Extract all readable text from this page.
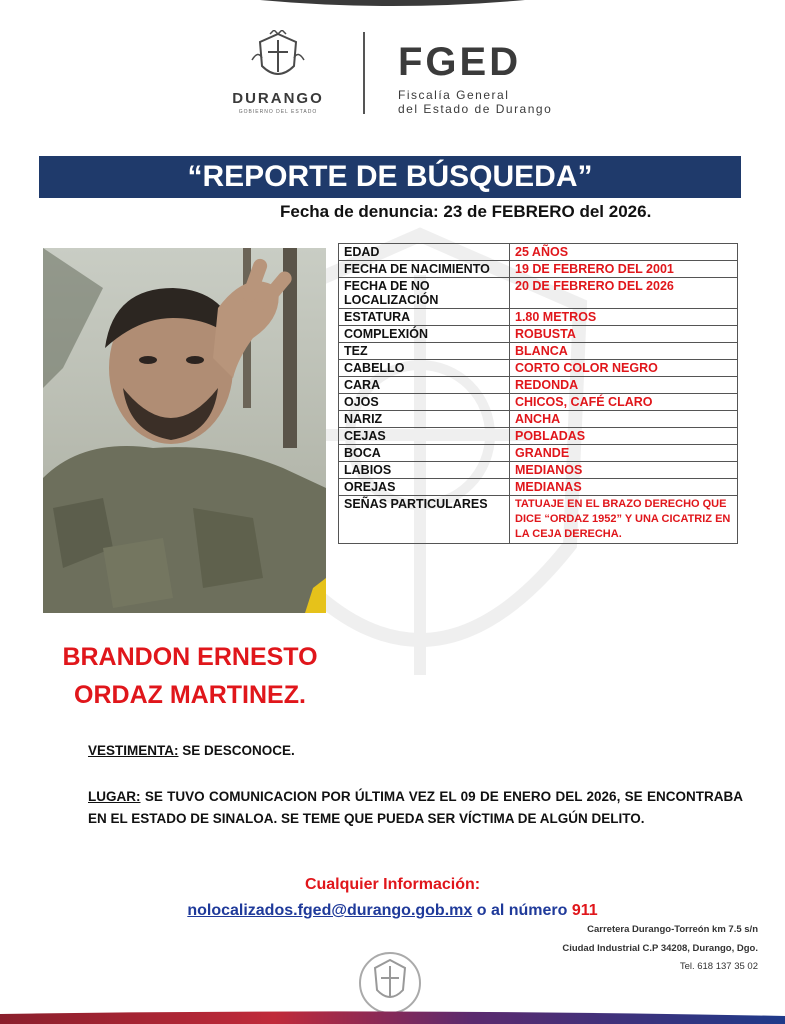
DURANGO
GOBIERNO DEL ESTADO
FGED
Fiscalía General
del Estado de Durango
“REPORTE DE BÚSQUEDA”
Fecha de denuncia: 23 de FEBRERO del 2026.
EDAD	25 AÑOS
FECHA DE NACIMIENTO	19 DE FEBRERO DEL 2001
FECHA DE NO LOCALIZACIÓN	20 DE FEBRERO DEL 2026
ESTATURA	1.80 METROS
COMPLEXIÓN	ROBUSTA
TEZ	BLANCA
CABELLO	CORTO COLOR NEGRO
CARA	REDONDA
OJOS	CHICOS, CAFÉ CLARO
NARIZ	ANCHA
CEJAS	POBLADAS
BOCA	GRANDE
LABIOS	MEDIANOS
OREJAS	MEDIANAS
SEÑAS PARTICULARES	TATUAJE EN EL BRAZO DERECHO QUE DICE “ORDAZ 1952” Y UNA CICATRIZ EN LA CEJA DERECHA.
BRANDON ERNESTO
ORDAZ MARTINEZ.
VESTIMENTA: SE DESCONOCE.
LUGAR: SE TUVO COMUNICACION POR ÚLTIMA VEZ EL 09 DE ENERO DEL 2026, SE ENCONTRABA EN EL ESTADO DE SINALOA. SE TEME QUE PUEDA SER VÍCTIMA DE ALGÚN DELITO.
Cualquier Información:
nolocalizados.fged@durango.gob.mx o al número 911
Carretera Durango-Torreón km 7.5 s/n
Ciudad Industrial C.P 34208, Durango, Dgo.
Tel. 618 137 35 02
